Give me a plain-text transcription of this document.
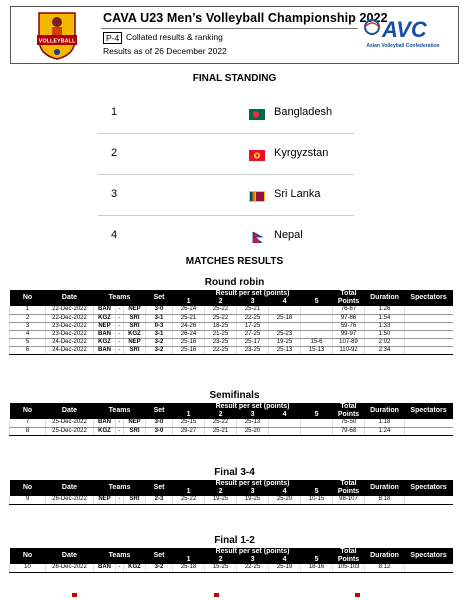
VOLLEYBALL
CAVA U23 Men’s Volleyball Championship 2022
P-4 Collated results & ranking
Results as of 26 December 2022
AVC
Asian Volleyball Confederation
FINAL STANDING
1	Bangladesh
2	Kyrgyzstan
3	Sri Lanka
4	Nepal
MATCHES RESULTS
Round robin
No	Date	Teams			Set	Result per set (points)					Total
Points	Duration	Spectators
						1	2	3	4	5			
1	22-Dec-2022	BAN	-	NEP	3-0	26-24	25-22	25-21			76-67	1:26	
2	22-Dec-2022	KGZ	-	SRI	3-1	25-21	25-22	22-25	25-18		97-86	1:54	
3	23-Dec-2022	NEP	-	SRI	0-3	24-26	18-25	17-25			59-76	1:33	
4	23-Dec-2022	BAN	-	KGZ	3-1	26-24	21-25	27-25	25-23		99-97	1:50	
5	24-Dec-2022	KGZ	-	NEP	3-2	25-16	23-25	25-17	19-25	15-6	107-89	2:02	
6	24-Dec-2022	BAN	-	SRI	3-2	25-16	22-25	23-25	25-13	15-13	110-92	2:34	
Semifinals
No	Date	Teams			Set	Result per set (points)					Total
Points	Duration	Spectators
						1	2	3	4	5			
7	25-Dec-2022	BAN	-	NEP	3-0	25-15	25-22	25-13			75-50	1:18	
8	25-Dec-2022	KGZ	-	SRI	3-0	29-27	25-21	25-20			79-68	1:24	
Final 3-4
No	Date	Teams			Set	Result per set (points)					Total
Points	Duration	Spectators
						1	2	3	4	5			
9	26-Dec-2022	NEP	-	SRI	2-3	25-22	19-25	19-25	25-20	10-15	98-107	8:18	
Final 1-2
No	Date	Teams			Set	Result per set (points)					Total
Points	Duration	Spectators
						1	2	3	4	5			
10	26-Dec-2022	BAN	-	KGZ	3-2	25-18	15-25	22-25	25-19	18-16	105-103	8:12	
